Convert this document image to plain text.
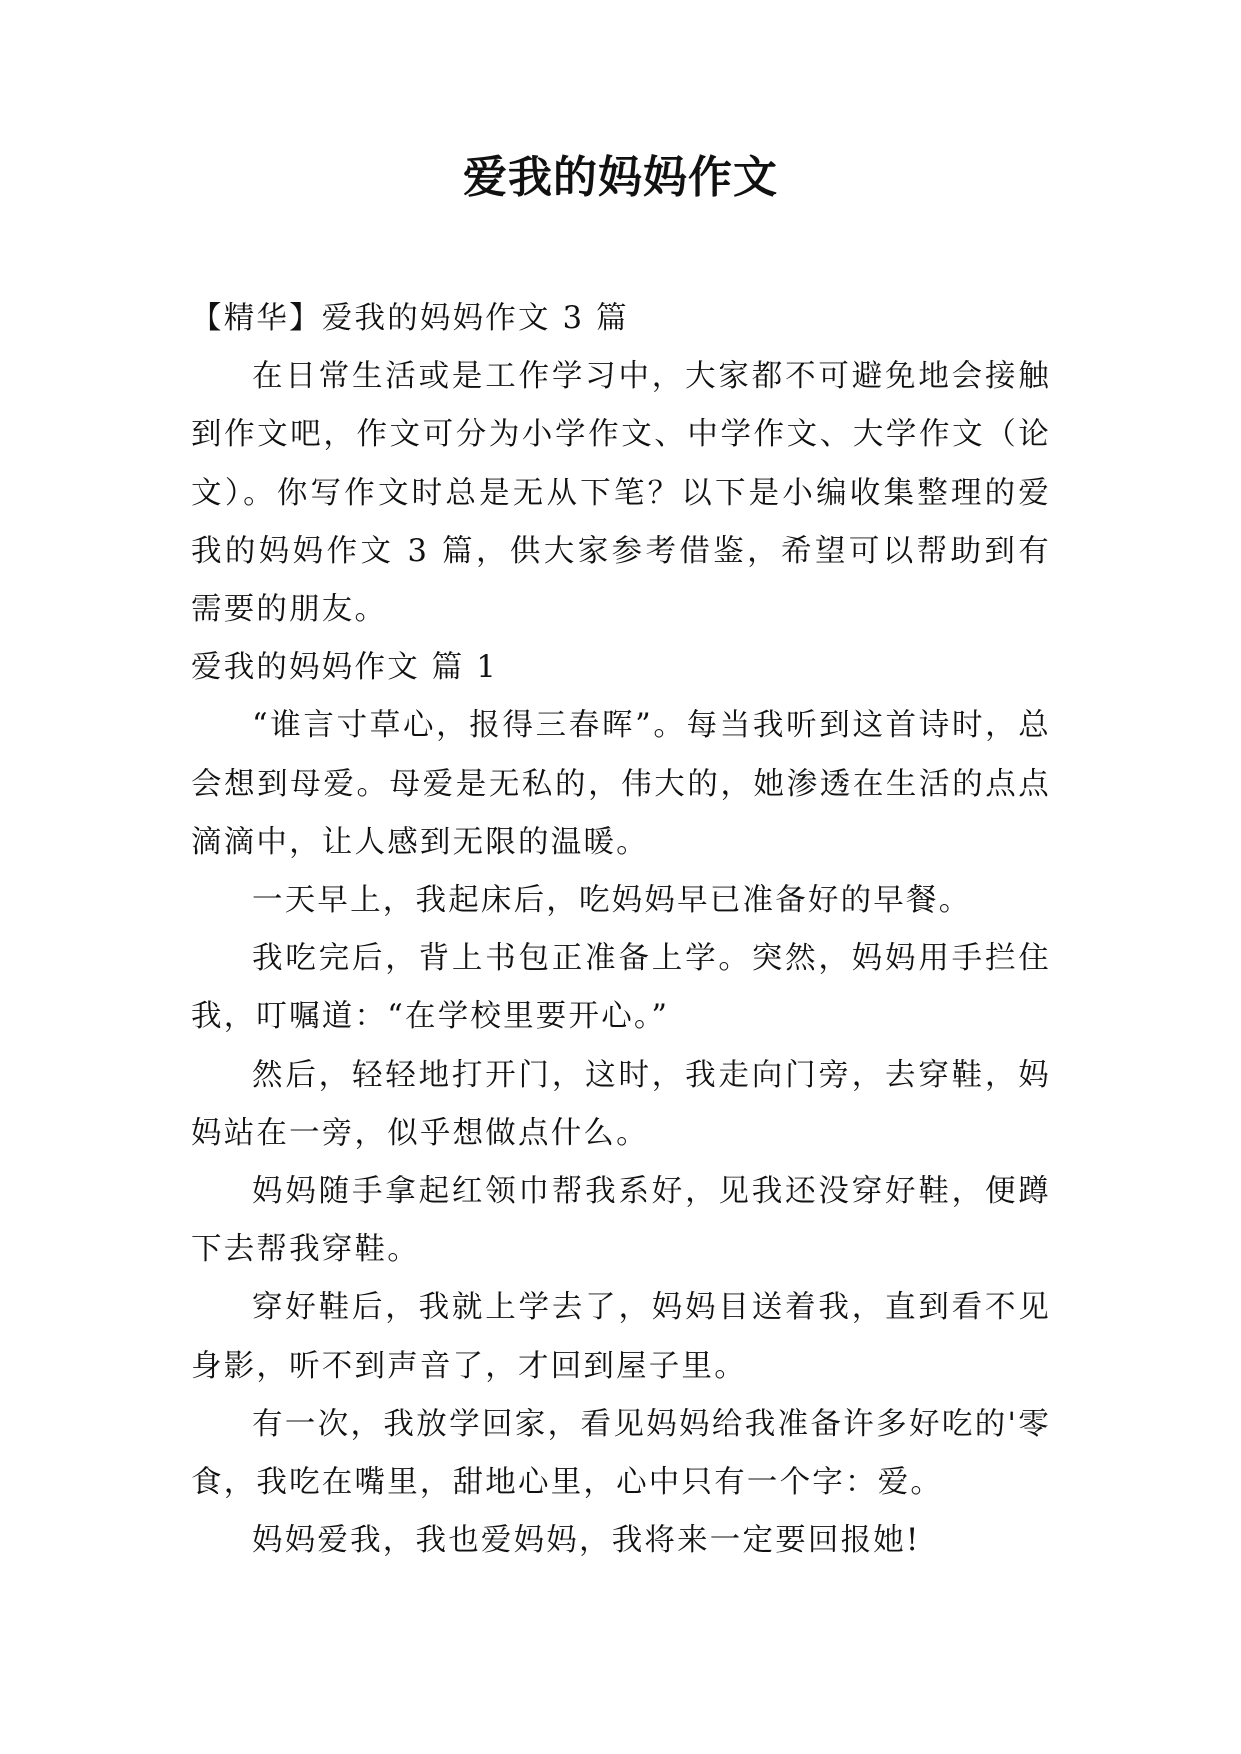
爱我的妈妈作文

【精华】爱我的妈妈作文 3 篇

在日常生活或是工作学习中，大家都不可避免地会接触到作文吧，作文可分为小学作文、中学作文、大学作文（论文）。你写作文时总是无从下笔？以下是小编收集整理的爱我的妈妈作文 3 篇，供大家参考借鉴，希望可以帮助到有需要的朋友。

爱我的妈妈作文 篇 1

“谁言寸草心，报得三春晖”。每当我听到这首诗时，总会想到母爱。母爱是无私的，伟大的，她渗透在生活的点点滴滴中，让人感到无限的温暖。

一天早上，我起床后，吃妈妈早已准备好的早餐。

我吃完后，背上书包正准备上学。突然，妈妈用手拦住我，叮嘱道：“在学校里要开心。”

然后，轻轻地打开门，这时，我走向门旁，去穿鞋，妈妈站在一旁，似乎想做点什么。

妈妈随手拿起红领巾帮我系好，见我还没穿好鞋，便蹲下去帮我穿鞋。

穿好鞋后，我就上学去了，妈妈目送着我，直到看不见身影，听不到声音了，才回到屋子里。

有一次，我放学回家，看见妈妈给我准备许多好吃的'零食，我吃在嘴里，甜地心里，心中只有一个字：爱。

妈妈爱我，我也爱妈妈，我将来一定要回报她!
